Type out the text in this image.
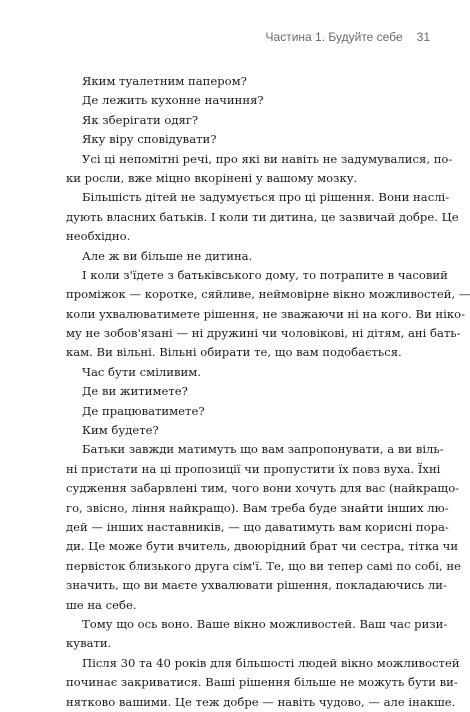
Частина 1. Будуйте себе 31
Яким туалетним папером?
Де лежить кухонне начиння?
Як зберігати одяг?
Яку віру сповідувати?
Усі ці непомітні речі, про які ви навіть не задумувалися, по-
ки росли, вже міцно вкорінені у вашому мозку.
Більшість дітей не задумується про ці рішення. Вони наслі-
дують власних батьків. І коли ти дитина, це зазвичай добре. Це
необхідно.
Але ж ви більше не дитина.
І коли з'їдете з батьківського дому, то потрапите в часовий
проміжок — коротке, сяйливе, неймовірне вікно можливостей, —
коли ухвалюватимете рішення, не зважаючи ні на кого. Ви ніко-
му не зобов'язані — ні дружині чи чоловікові, ні дітям, ані бать-
кам. Ви вільні. Вільні обирати те, що вам подобається.
Час бути сміливим.
Де ви житимете?
Де працюватимете?
Ким будете?
Батьки завжди матимуть що вам запропонувати, а ви віль-
ні пристати на ці пропозиції чи пропустити їх повз вуха. Їхні
судження забарвлені тим, чого вони хочуть для вас (найкращо-
го, звісно, ління найкращо). Вам треба буде знайти інших лю-
дей — інших наставників, — що даватимуть вам корисні пора-
ди. Це може бути вчитель, двоюрідний брат чи сестра, тітка чи
первісток близького друга сім'ї. Те, що ви тепер самі по собі, не
значить, що ви маєте ухвалювати рішення, покладаючись ли-
ше на себе.
Тому що ось воно. Ваше вікно можливостей. Ваш час ризи-
кувати.
Після 30 та 40 років для більшості людей вікно можливостей
починає закриватися. Ваші рішення більше не можуть бути ви-
нятково вашими. Це теж добре — навіть чудово, — але інакше.
